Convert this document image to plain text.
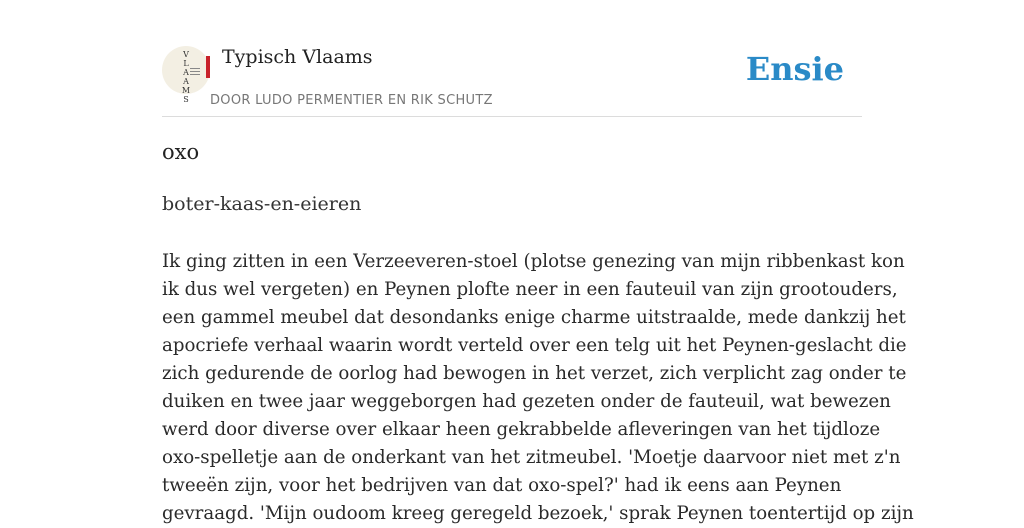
V
L
A
A
M
S
Typisch Vlaams
DOOR LUDO PERMENTIER EN RIK SCHUTZ
Ensie
oxo
boter-kaas-en-eieren

Ik ging zitten in een Verzeeveren-stoel (plotse genezing van mijn ribbenkast kon
ik dus wel vergeten) en Peynen plofte neer in een fauteuil van zijn grootouders,
een gammel meubel dat desondanks enige charme uitstraalde, mede dankzij het
apocriefe verhaal waarin wordt verteld over een telg uit het Peynen-geslacht die
zich gedurende de oorlog had bewogen in het verzet, zich verplicht zag onder te
duiken en twee jaar weggeborgen had gezeten onder de fauteuil, wat bewezen
werd door diverse over elkaar heen gekrabbelde afleveringen van het tijdloze
oxo-spelletje aan de onderkant van het zitmeubel. 'Moetje daarvoor niet met z'n
tweeën zijn, voor het bedrijven van dat oxo-spel?' had ik eens aan Peynen
gevraagd. 'Mijn oudoom kreeg geregeld bezoek,' sprak Peynen toentertijd op zijn
